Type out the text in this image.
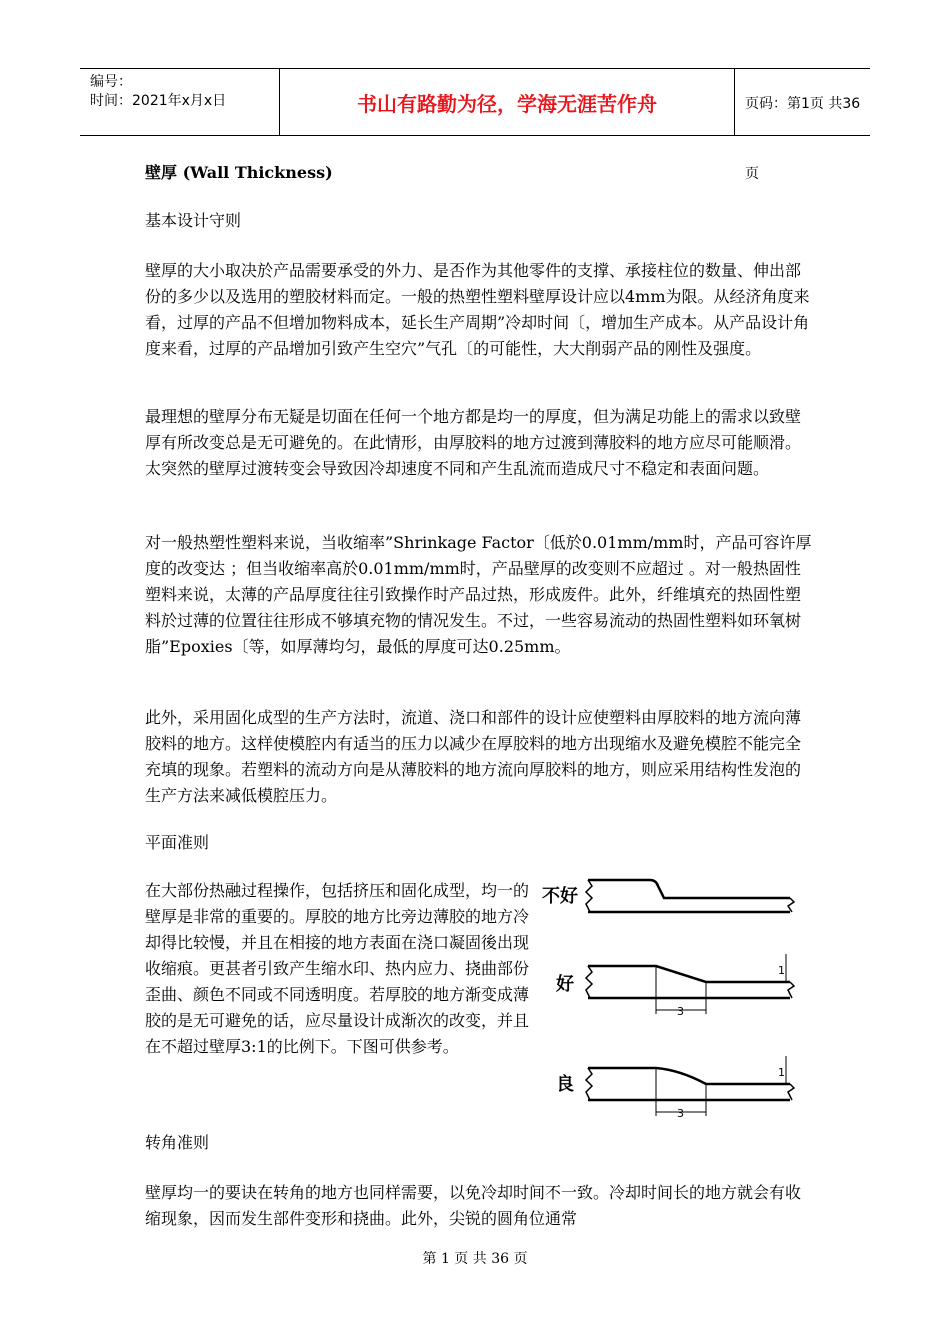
编号：
时间：2021年x月x日	书山有路勤为径，学海无涯苦作舟	页码：第1页 共36页
壁厚 (Wall Thickness)
基本设计守则
壁厚的大小取决於产品需要承受的外力、是否作为其他零件的支撑、承接柱位的数量、伸出部份的多少以及选用的塑胶材料而定。一般的热塑性塑料壁厚设计应以4mm为限。从经济角度来看，过厚的产品不但增加物料成本，延长生产周期”冷却时间〔，增加生产成本。从产品设计角度来看，过厚的产品增加引致产生空穴”气孔〔的可能性，大大削弱产品的刚性及强度。
最理想的壁厚分布无疑是切面在任何一个地方都是均一的厚度，但为满足功能上的需求以致壁厚有所改变总是无可避免的。在此情形，由厚胶料的地方过渡到薄胶料的地方应尽可能顺滑。太突然的壁厚过渡转变会导致因冷却速度不同和产生乱流而造成尺寸不稳定和表面问题。
对一般热塑性塑料来说，当收缩率”Shrinkage Factor〔低於0.01mm/mm时，产品可容许厚度的改变达 ；但当收缩率高於0.01mm/mm时，产品壁厚的改变则不应超过 。对一般热固性塑料来说，太薄的产品厚度往往引致操作时产品过热，形成废件。此外，纤维填充的热固性塑料於过薄的位置往往形成不够填充物的情况发生。不过，一些容易流动的热固性塑料如环氧树脂”Epoxies〔等，如厚薄均匀，最低的厚度可达0.25mm。
此外，采用固化成型的生产方法时，流道、浇口和部件的设计应使塑料由厚胶料的地方流向薄胶料的地方。这样使模腔内有适当的压力以减少在厚胶料的地方出现缩水及避免模腔不能完全充填的现象。若塑料的流动方向是从薄胶料的地方流向厚胶料的地方，则应采用结构性发泡的生产方法来减低模腔压力。
平面准则
在大部份热融过程操作，包括挤压和固化成型，均一的壁厚是非常的重要的。厚胶的地方比旁边薄胶的地方冷却得比较慢，并且在相接的地方表面在浇口凝固後出现收缩痕。更甚者引致产生缩水印、热内应力、挠曲部份歪曲、颜色不同或不同透明度。若厚胶的地方渐变成薄胶的是无可避免的话，应尽量设计成渐次的改变，并且在不超过壁厚3:1的比例下。下图可供参考。
不好
好
3
1
良
3
1
转角准则
壁厚均一的要诀在转角的地方也同样需要，以免冷却时间不一致。冷却时间长的地方就会有收缩现象，因而发生部件变形和挠曲。此外，尖锐的圆角位通常
第 1 页 共 36 页
